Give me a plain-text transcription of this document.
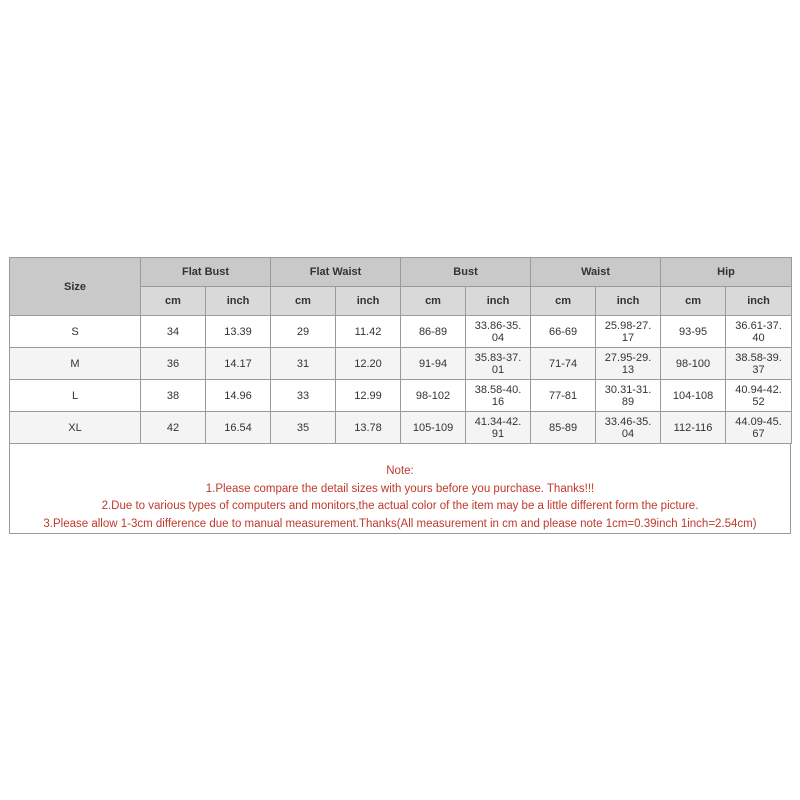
Size	Flat Bust		Flat Waist		Bust		Waist		Hip	
	cm	inch	cm	inch	cm	inch	cm	inch	cm	inch
S	34	13.39	29	11.42	86-89	33.86-35.04	66-69	25.98-27.17	93-95	36.61-37.40
M	36	14.17	31	12.20	91-94	35.83-37.01	71-74	27.95-29.13	98-100	38.58-39.37
L	38	14.96	33	12.99	98-102	38.58-40.16	77-81	30.31-31.89	104-108	40.94-42.52
XL	42	16.54	35	13.78	105-109	41.34-42.91	85-89	33.46-35.04	112-116	44.09-45.67
Note:
1.Please compare the detail sizes with yours before you purchase. Thanks!!!
2.Due to various types of computers and monitors,the actual color of the item may be a little different form the picture.
3.Please allow 1-3cm difference due to manual measurement.Thanks(All measurement in cm and please note 1cm=0.39inch 1inch=2.54cm)
